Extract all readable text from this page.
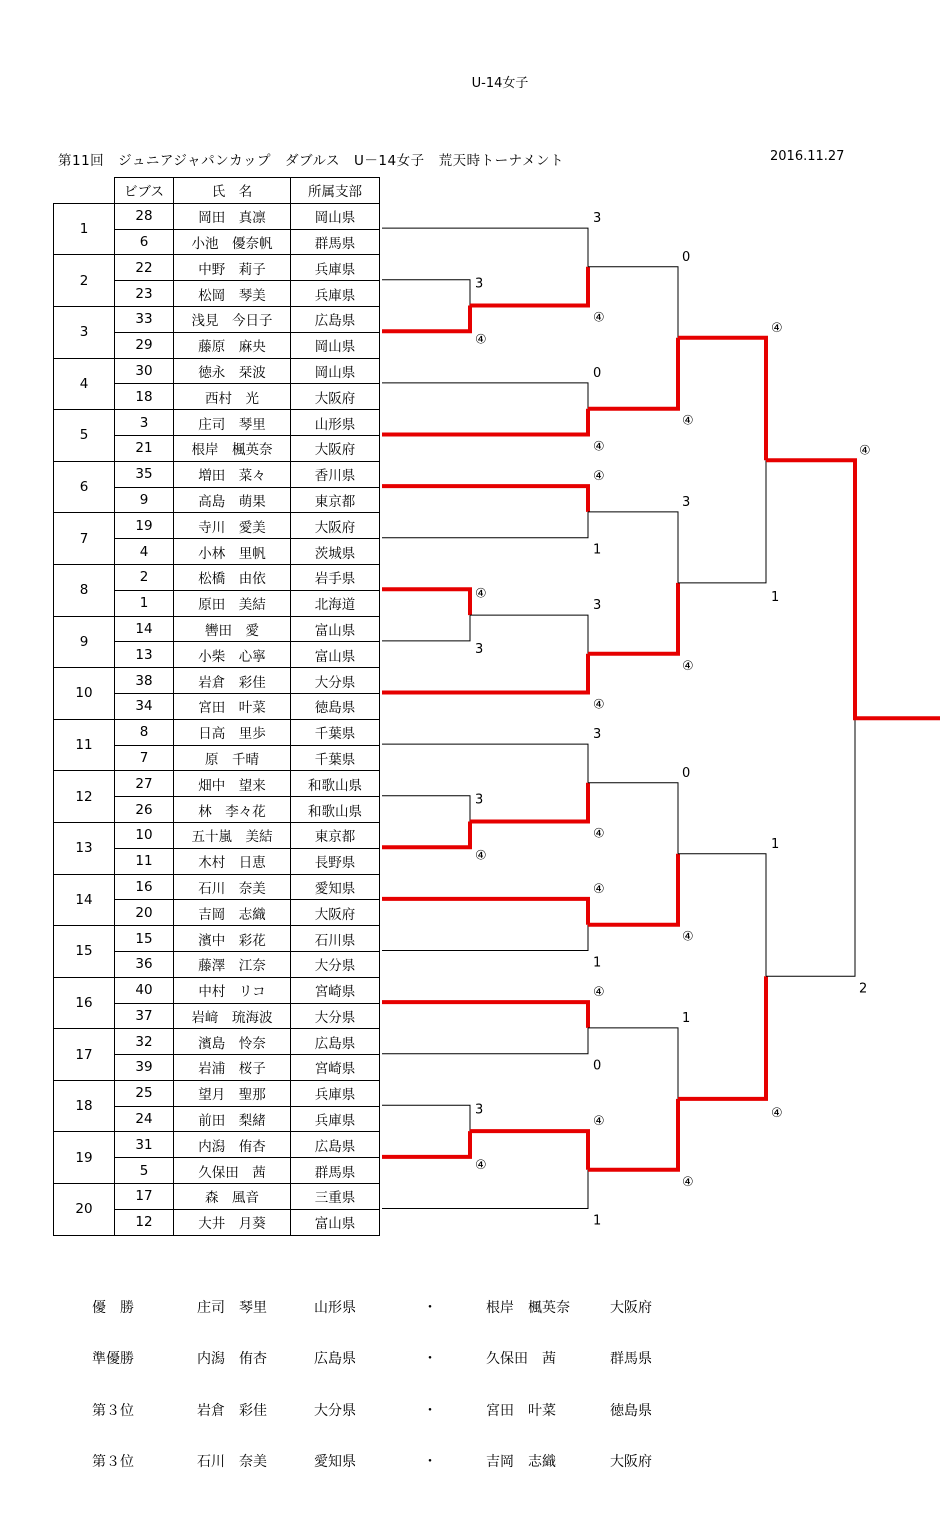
U-14女子
第11回　ジュニアジャパンカップ　ダブルス　U－14女子　荒天時トーナメント	2016.11.27
	ビブス	氏　名	所属支部
1	28	岡田　真凛	岡山県
	6	小池　優奈帆	群馬県
2	22	中野　莉子	兵庫県
	23	松岡　琴美	兵庫県
3	33	浅見　今日子	広島県
	29	藤原　麻央	岡山県
4	30	徳永　栞波	岡山県
	18	西村　光	大阪府
5	3	庄司　琴里	山形県
	21	根岸　楓英奈	大阪府
6	35	増田　菜々	香川県
	9	高島　萌果	東京都
7	19	寺川　愛美	大阪府
	4	小林　里帆	茨城県
8	2	松橋　由依	岩手県
	1	原田　美結	北海道
9	14	轡田　愛	富山県
	13	小柴　心寧	富山県
10	38	岩倉　彩佳	大分県
	34	宮田　叶菜	徳島県
11	8	日高　里歩	千葉県
	7	原　千晴	千葉県
12	27	畑中　望来	和歌山県
	26	林　李々花	和歌山県
13	10	五十嵐　美結	東京都
	11	木村　日恵	長野県
14	16	石川　奈美	愛知県
	20	吉岡　志織	大阪府
15	15	濱中　彩花	石川県
	36	藤澤　江奈	大分県
16	40	中村　リコ	宮崎県
	37	岩﨑　琉海波	大分県
17	32	濱島　怜奈	広島県
	39	岩浦　桜子	宮崎県
18	25	望月　聖那	兵庫県
	24	前田　梨緒	兵庫県
19	31	内潟　侑杏	広島県
	5	久保田　茜	群馬県
20	17	森　風音	三重県
	12	大井　月葵	富山県
3
④
④
3
3
④
3
④
3
④
0
④
④
1
3
④
3
④
④
1
④
0
④
1
0
④
3
④
0
④
1
④
④
1
1
④
④
2
優　勝	庄司　琴里	山形県	・	根岸　楓英奈	大阪府
準優勝	内潟　侑杏	広島県	・	久保田　茜	群馬県
第３位	岩倉　彩佳	大分県	・	宮田　叶菜	徳島県
第３位	石川　奈美	愛知県	・	吉岡　志織	大阪府
